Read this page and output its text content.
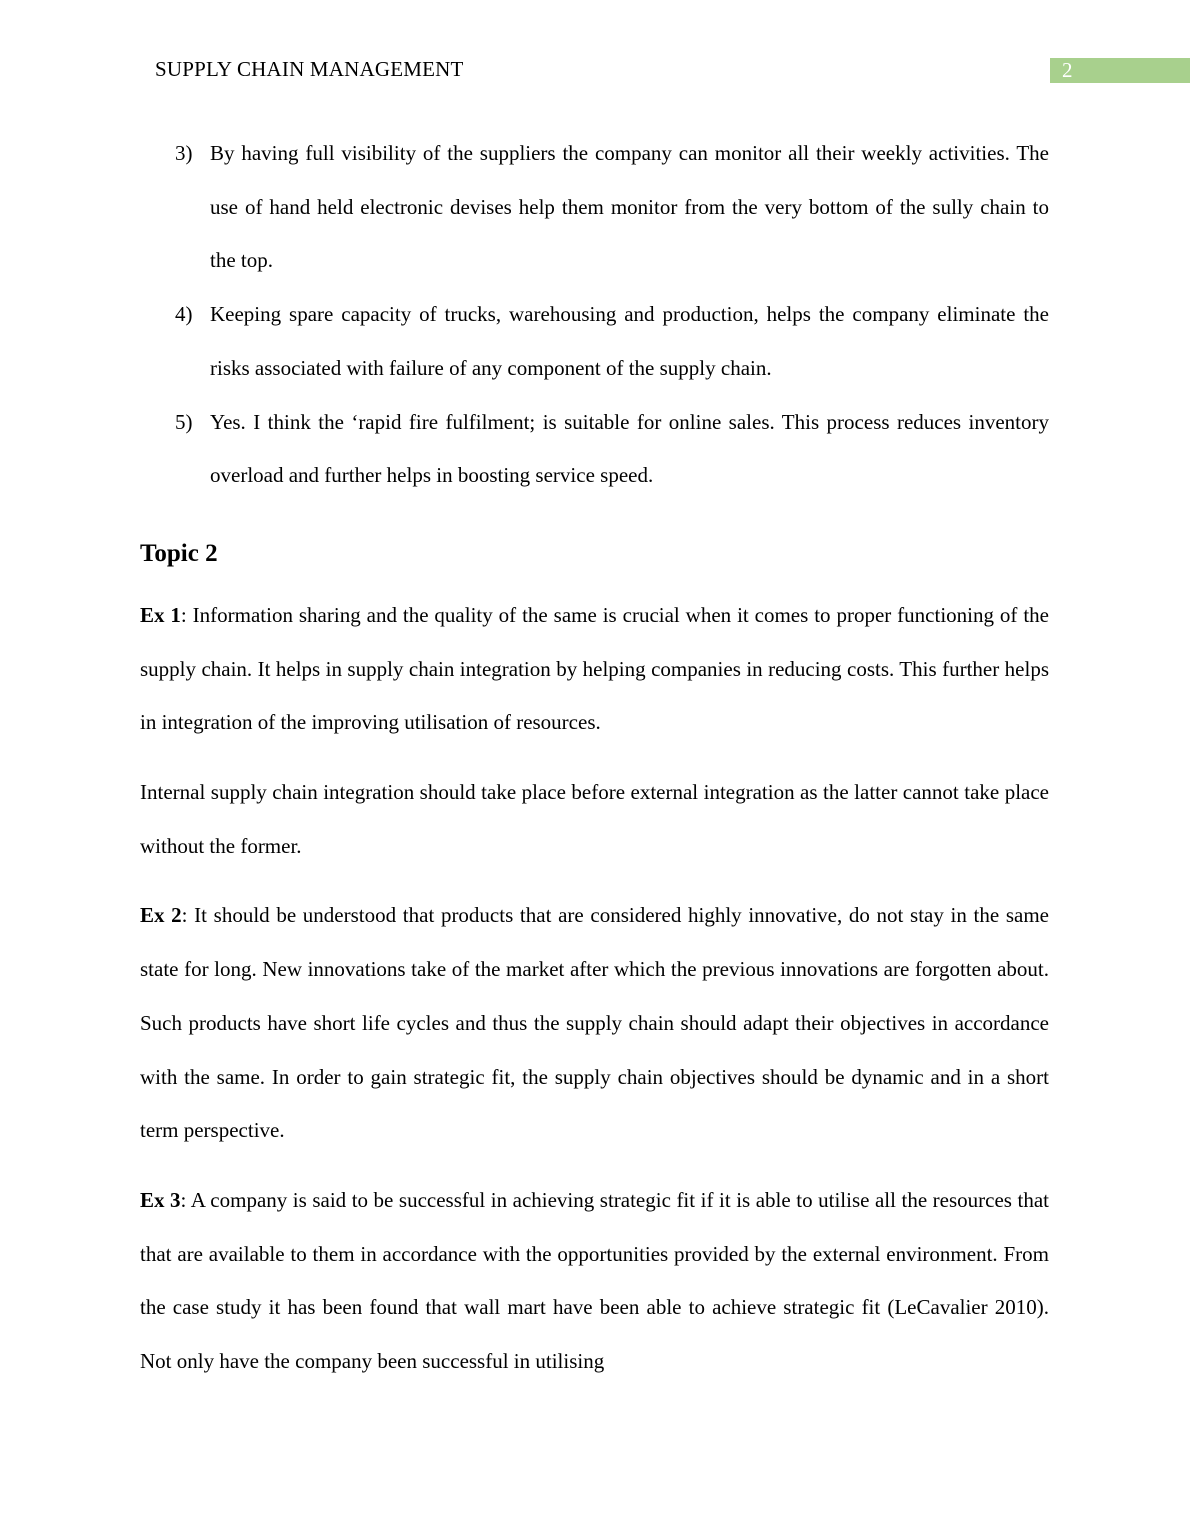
SUPPLY CHAIN MANAGEMENT	2
3) By having full visibility of the suppliers the company can monitor all their weekly activities. The use of hand held electronic devises help them monitor from the very bottom of the sully chain to the top.
4) Keeping spare capacity of trucks, warehousing and production, helps the company eliminate the risks associated with failure of any component of the supply chain.
5) Yes. I think the ‘rapid fire fulfilment; is suitable for online sales. This process reduces inventory overload and further helps in boosting service speed.
Topic 2

Ex 1: Information sharing and the quality of the same is crucial when it comes to proper functioning of the supply chain. It helps in supply chain integration by helping companies in reducing costs. This further helps in integration of the improving utilisation of resources.

Internal supply chain integration should take place before external integration as the latter cannot take place without the former.

Ex 2: It should be understood that products that are considered highly innovative, do not stay in the same state for long. New innovations take of the market after which the previous innovations are forgotten about. Such products have short life cycles and thus the supply chain should adapt their objectives in accordance with the same. In order to gain strategic fit, the supply chain objectives should be dynamic and in a short term perspective.

Ex 3: A company is said to be successful in achieving strategic fit if it is able to utilise all the resources that that are available to them in accordance with the opportunities provided by the external environment. From the case study it has been found that wall mart have been able to achieve strategic fit (LeCavalier 2010). Not only have the company been successful in utilising
